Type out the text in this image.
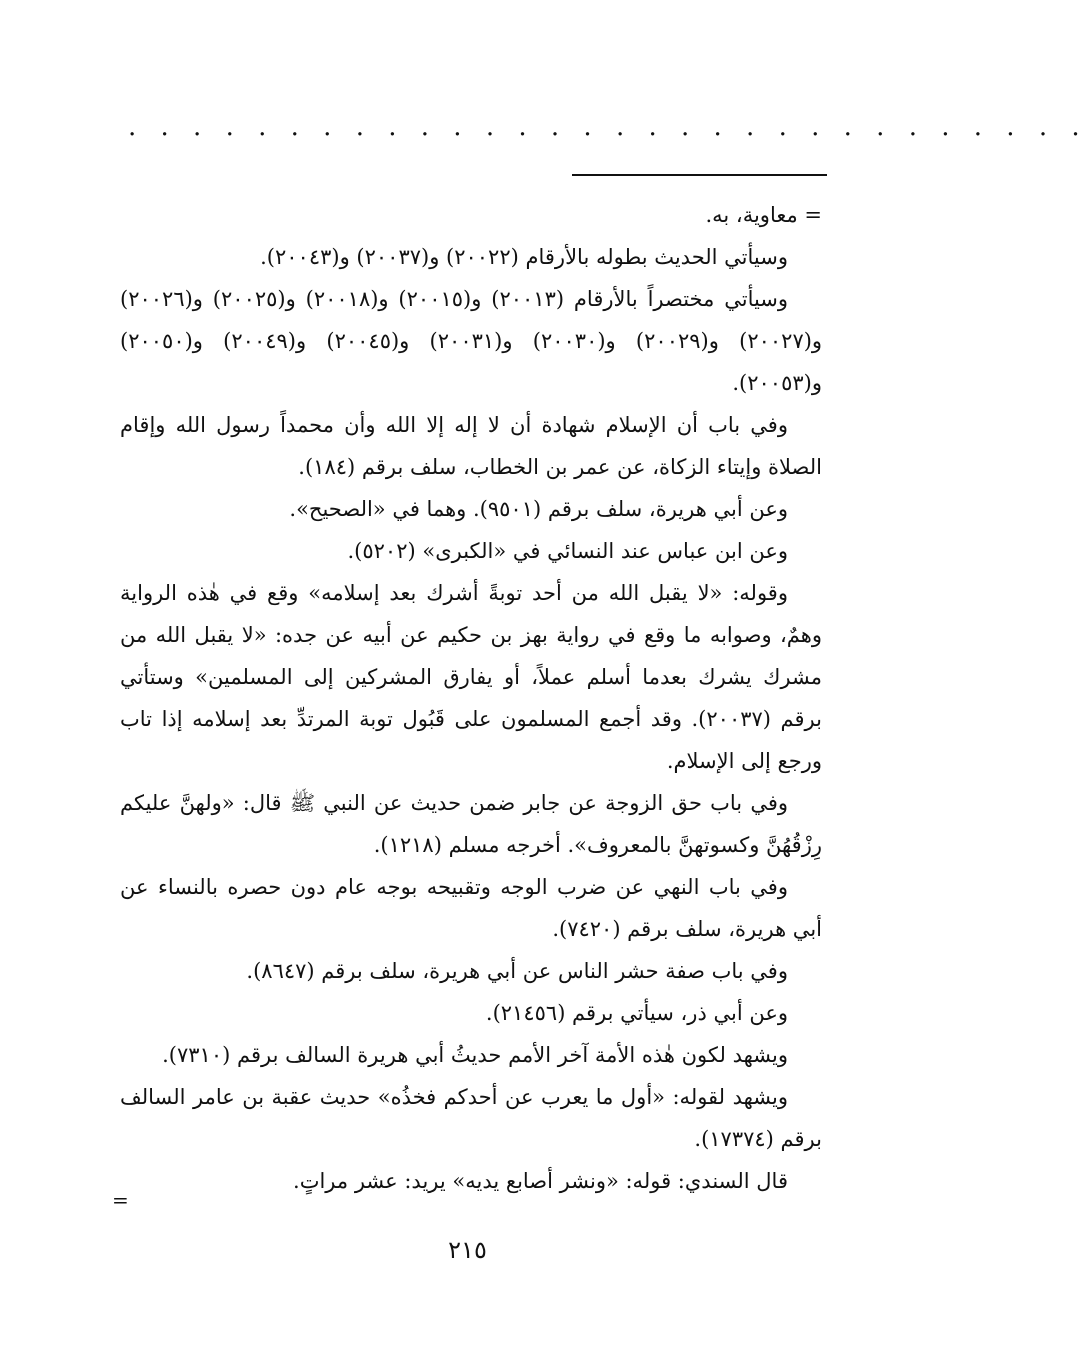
. . . . . . . . . . . . . . . . . . . . . . . . . . . . . .

= معاوية، به.

وسيأتي الحديث بطوله بالأرقام (٢٠٠٢٢) و(٢٠٠٣٧) و(٢٠٠٤٣).

وسيأتي مختصراً بالأرقام (٢٠٠١٣) و(٢٠٠١٥) و(٢٠٠١٨) و(٢٠٠٢٥) و(٢٠٠٢٦) و(٢٠٠٢٧) و(٢٠٠٢٩) و(٢٠٠٣٠) و(٢٠٠٣١) و(٢٠٠٤٥) و(٢٠٠٤٩) و(٢٠٠٥٠) و(٢٠٠٥٣).

وفي باب أن الإسلام شهادة أن لا إله إلا الله وأن محمداً رسول الله وإقام الصلاة وإيتاء الزكاة، عن عمر بن الخطاب، سلف برقم (١٨٤).

وعن أبي هريرة، سلف برقم (٩٥٠١). وهما في «الصحيح».

وعن ابن عباس عند النسائي في «الكبرى» (٥٢٠٢).

وقوله: «لا يقبل الله من أحد توبةً أشرك بعد إسلامه» وقع في هٰذه الرواية وهمٌ، وصوابه ما وقع في رواية بهز بن حكيم عن أبيه عن جده: «لا يقبل الله من مشرك يشرك بعدما أسلم عملاً، أو يفارق المشركين إلى المسلمين» وستأتي برقم (٢٠٠٣٧). وقد أجمع المسلمون على قَبُول توبة المرتدِّ بعد إسلامه إذا تاب ورجع إلى الإسلام.

وفي باب حق الزوجة عن جابر ضمن حديث عن النبي ﷺ قال: «ولهنَّ عليكم رِزْقُهُنَّ وكسوتهنَّ بالمعروف». أخرجه مسلم (١٢١٨).

وفي باب النهي عن ضرب الوجه وتقبيحه بوجه عام دون حصره بالنساء عن أبي هريرة، سلف برقم (٧٤٢٠).

وفي باب صفة حشر الناس عن أبي هريرة، سلف برقم (٨٦٤٧).

وعن أبي ذر، سيأتي برقم (٢١٤٥٦).

ويشهد لكون هٰذه الأمة آخر الأمم حديثُ أبي هريرة السالف برقم (٧٣١٠).

ويشهد لقوله: «أول ما يعرب عن أحدكم فخذُه» حديث عقبة بن عامر السالف برقم (١٧٣٧٤).

قال السندي: قوله: «ونشر أصابع يديه» يريد: عشر مراتٍ.

=
٢١٥
